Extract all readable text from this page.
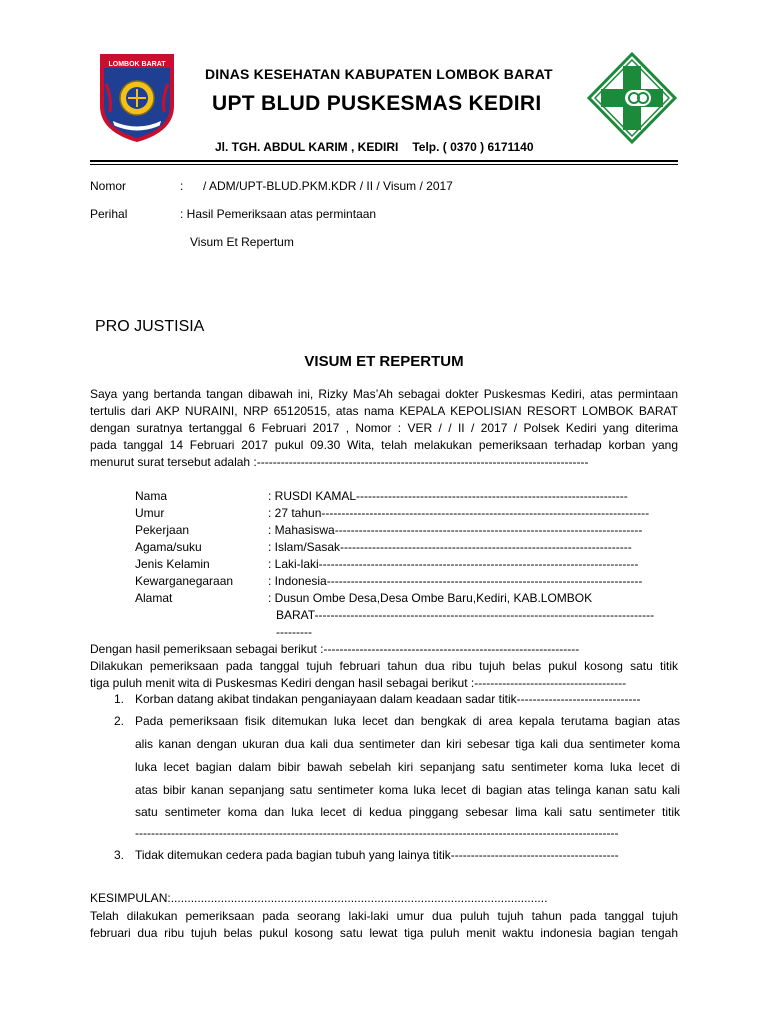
LOMBOK BARAT
DINAS KESEHATAN KABUPATEN LOMBOK BARAT
UPT BLUD PUSKESMAS KEDIRI
Jl. TGH. ABDUL KARIM , KEDIRI Telp. ( 0370 ) 6171140
Nomor	: / ADM/UPT-BLUD.PKM.KDR / II / Visum / 2017
Perihal	: Hasil Pemeriksaan atas permintaan
Visum Et Repertum
PRO JUSTISIA
VISUM ET REPERTUM
Saya yang bertanda tangan dibawah ini, Rizky Mas’Ah sebagai dokter Puskesmas Kediri, atas permintaan
tertulis dari AKP NURAINI, NRP 65120515, atas nama KEPALA KEPOLISIAN RESORT LOMBOK BARAT
dengan suratnya tertanggal 6 Februari 2017 , Nomor : VER / / II / 2017 / Polsek Kediri yang diterima
pada tanggal 14 Februari 2017 pukul 09.30 Wita, telah melakukan pemeriksaan terhadap korban yang
menurut surat tersebut adalah :-----------------------------------------------------------------------------------
Nama	: RUSDI KAMAL--------------------------------------------------------------------
Umur	: 27 tahun----------------------------------------------------------------------------------
Pekerjaan	: Mahasiswa-----------------------------------------------------------------------------
Agama/suku	: Islam/Sasak-------------------------------------------------------------------------
Jenis Kelamin	: Laki-laki--------------------------------------------------------------------------------
Kewarganegaraan	: Indonesia-------------------------------------------------------------------------------
Alamat	: Dusun Ombe Desa,Desa Ombe Baru,Kediri, KAB.LOMBOK
BARAT-------------------------------------------------------------------------------------
---------
Dengan hasil pemeriksaan sebagai berikut :----------------------------------------------------------------
Dilakukan pemeriksaan pada tanggal tujuh februari tahun dua ribu tujuh belas pukul kosong satu titik
tiga puluh menit wita di Puskesmas Kediri dengan hasil sebagai berikut :--------------------------------------
1. Korban datang akibat tindakan penganiayaan dalam keadaan sadar titik-------------------------------
2. Pada pemeriksaan fisik ditemukan luka lecet dan bengkak di area kepala terutama bagian atas
alis kanan dengan ukuran dua kali dua sentimeter dan kiri sebesar tiga kali dua sentimeter koma
luka lecet bagian dalam bibir bawah sebelah kiri sepanjang satu sentimeter koma luka lecet di
atas bibir kanan sepanjang satu sentimeter koma luka lecet di bagian atas telinga kanan satu kali
satu sentimeter koma dan luka lecet di kedua pinggang sebesar lima kali satu sentimeter titik
-------------------------------------------------------------------------------------------------------------------------
3. Tidak ditemukan cedera pada bagian tubuh yang lainya titik------------------------------------------
KESIMPULAN:.................................................................................................................
Telah dilakukan pemeriksaan pada seorang laki-laki umur dua puluh tujuh tahun pada tanggal tujuh
februari dua ribu tujuh belas pukul kosong satu lewat tiga puluh menit waktu indonesia bagian tengah
